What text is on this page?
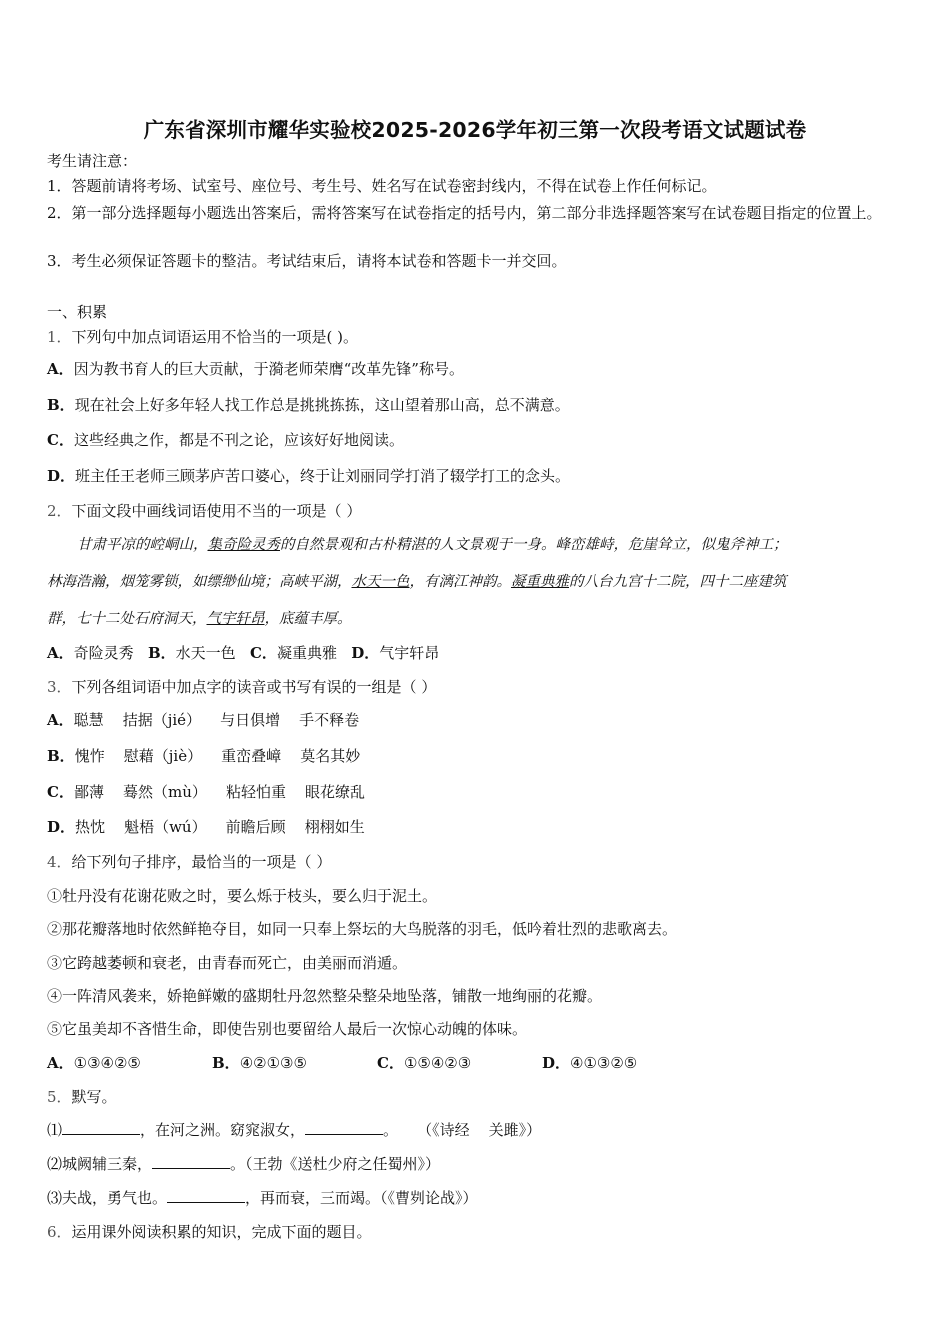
广东省深圳市耀华实验校2025-2026学年初三第一次段考语文试题试卷
考生请注意：
1．答题前请将考场、试室号、座位号、考生号、姓名写在试卷密封线内，不得在试卷上作任何标记。
2．第一部分选择题每小题选出答案后，需将答案写在试卷指定的括号内，第二部分非选择题答案写在试卷题目指定的位置上。
3．考生必须保证答题卡的整洁。考试结束后，请将本试卷和答题卡一并交回。
一、积累
1．下列句中加点词语运用不恰当的一项是( )。
A．因为教书育人的巨大贡献，于漪老师荣膺“改革先锋”称号。
B．现在社会上好多年轻人找工作总是挑挑拣拣，这山望着那山高，总不满意。
C．这些经典之作，都是不刊之论，应该好好地阅读。
D．班主任王老师三顾茅庐苦口婆心，终于让刘丽同学打消了辍学打工的念头。
2．下面文段中画线词语使用不当的一项是（ ）
甘肃平凉的崆峒山，集奇险灵秀的自然景观和古朴精湛的人文景观于一身。峰峦雄峙，危崖耸立，似鬼斧神工；
林海浩瀚，烟笼雾锁，如缥缈仙境；高峡平湖，水天一色，有漓江神韵。凝重典雅的八台九宫十二院，四十二座建筑
群，七十二处石府洞天，气宇轩昂，底蕴丰厚。
A．奇险灵秀 B．水天一色 C．凝重典雅 D．气宇轩昂
3．下列各组词语中加点字的读音或书写有误的一组是（ ）
A．聪慧    拮据（jié）    与日俱增    手不释卷
B．愧怍    慰藉（jiè）    重峦叠嶂    莫名其妙
C．鄙薄    蓦然（mù）    粘轻怕重    眼花缭乱
D．热忱    魁梧（wú）    前瞻后顾    栩栩如生
4．给下列句子排序，最恰当的一项是（ ）
①牡丹没有花谢花败之时，要么烁于枝头，要么归于泥土。
②那花瓣落地时依然鲜艳夺目，如同一只奉上祭坛的大鸟脱落的羽毛，低吟着壮烈的悲歌离去。
③它跨越萎顿和衰老，由青春而死亡，由美丽而消遁。
④一阵清风袭来，娇艳鲜嫩的盛期牡丹忽然整朵整朵地坠落，铺散一地绚丽的花瓣。
⑤它虽美却不吝惜生命，即使告别也要留给人最后一次惊心动魄的体味。
A．①③④②⑤	B．④②①③⑤	C．①⑤④②③	D．④①③②⑤
5．默写。
⑴	，在河之洲。窈窕淑女，	。    （《诗经    关雎》）
⑵城阙辅三秦，	。（王勃《送杜少府之任蜀州》）
⑶夫战，勇气也。	，再而衰，三而竭。（《曹刿论战》）
6．运用课外阅读积累的知识，完成下面的题目。
